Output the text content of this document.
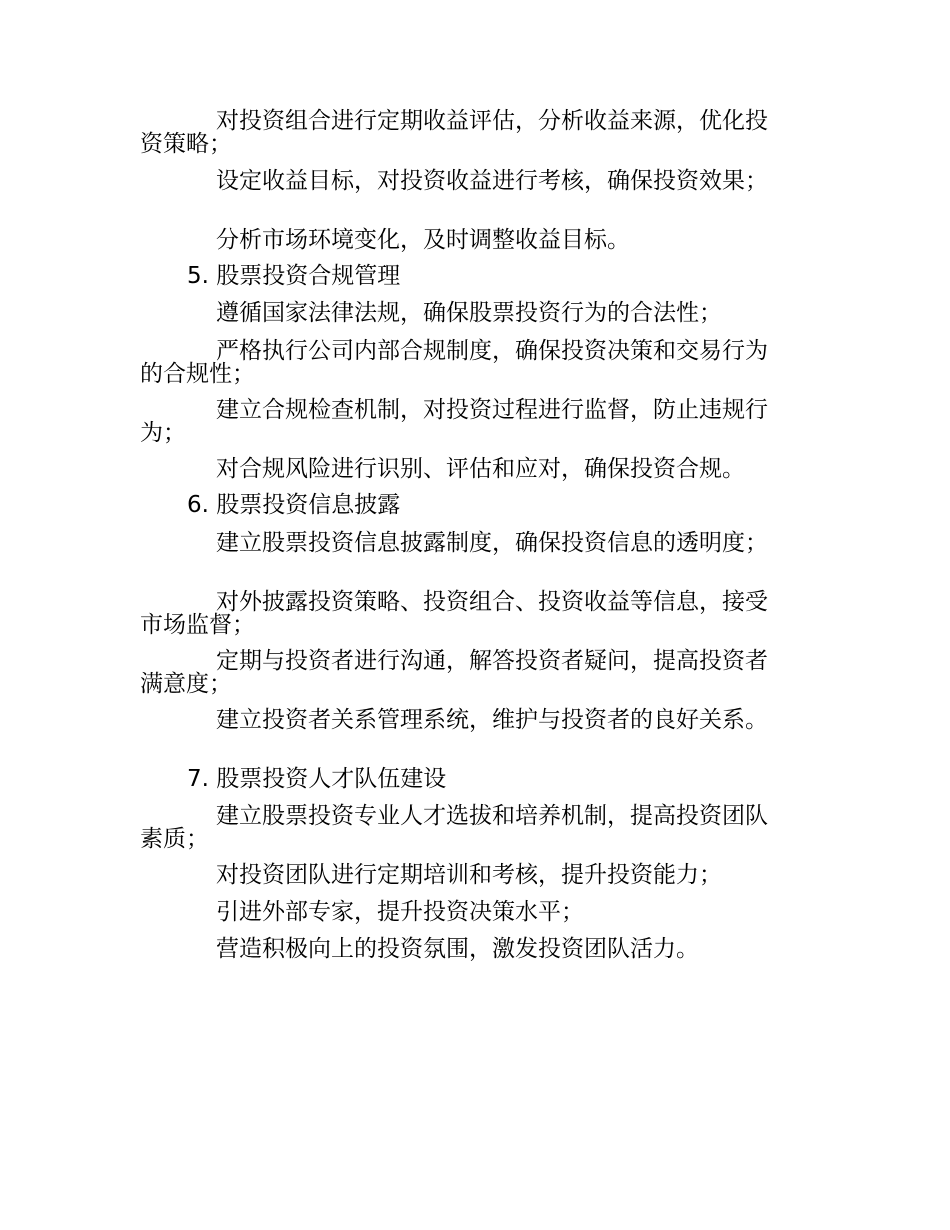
对投资组合进行定期收益评估，分析收益来源，优化投资策略；
设定收益目标，对投资收益进行考核，确保投资效果；
分析市场环境变化，及时调整收益目标。
5. 股票投资合规管理
遵循国家法律法规，确保股票投资行为的合法性；
严格执行公司内部合规制度，确保投资决策和交易行为的合规性；
建立合规检查机制，对投资过程进行监督，防止违规行为；
对合规风险进行识别、评估和应对，确保投资合规。
6. 股票投资信息披露
建立股票投资信息披露制度，确保投资信息的透明度；
对外披露投资策略、投资组合、投资收益等信息，接受市场监督；
定期与投资者进行沟通，解答投资者疑问，提高投资者满意度；
建立投资者关系管理系统，维护与投资者的良好关系。
7. 股票投资人才队伍建设
建立股票投资专业人才选拔和培养机制，提高投资团队素质；
对投资团队进行定期培训和考核，提升投资能力；
引进外部专家，提升投资决策水平；
营造积极向上的投资氛围，激发投资团队活力。
